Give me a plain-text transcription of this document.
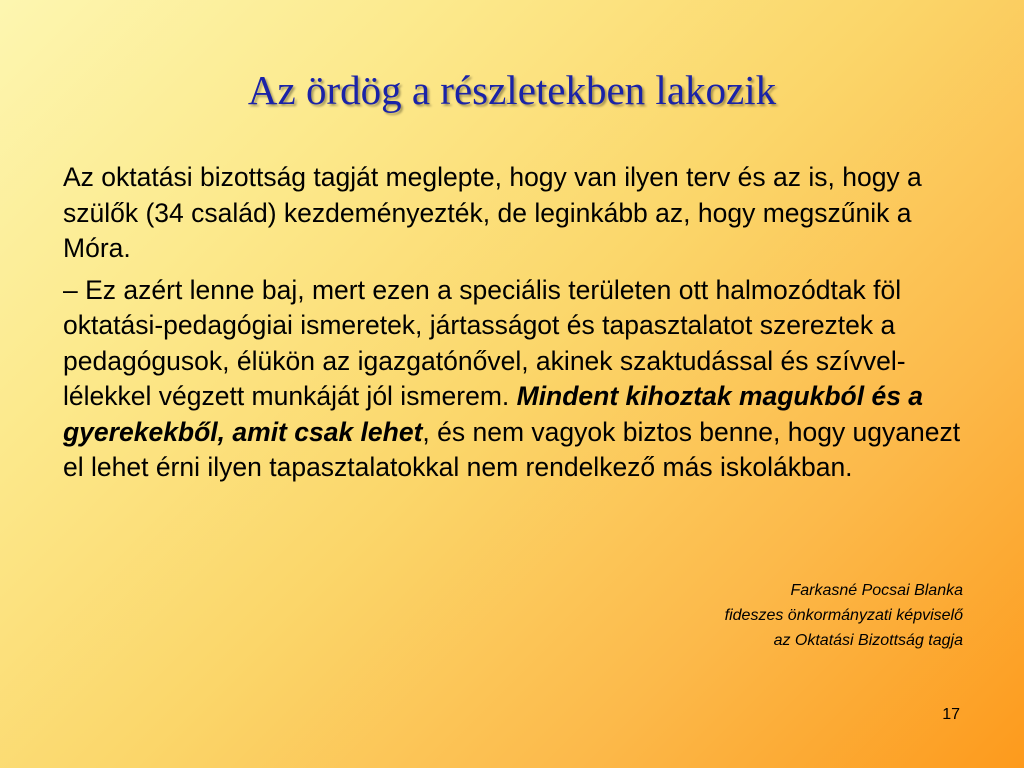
Az ördög a részletekben lakozik

Az oktatási bizottság tagját meglepte, hogy van ilyen terv és az is, hogy a szülők (34 család) kezdeményezték, de leginkább az, hogy megszűnik a Móra.

– Ez azért lenne baj, mert ezen a speciális területen ott halmozódtak föl oktatási-pedagógiai ismeretek, jártasságot és tapasztalatot szereztek a pedagógusok, élükön az igazgatónővel, akinek szaktudással és szívvel-lélekkel végzett munkáját jól ismerem. Mindent kihoztak magukból és a gyerekekből, amit csak lehet, és nem vagyok biztos benne, hogy ugyanezt el lehet érni ilyen tapasztalatokkal nem rendelkező más iskolákban.

Farkasné Pocsai Blanka
fideszes önkormányzati képviselő
az Oktatási Bizottság tagja
17
